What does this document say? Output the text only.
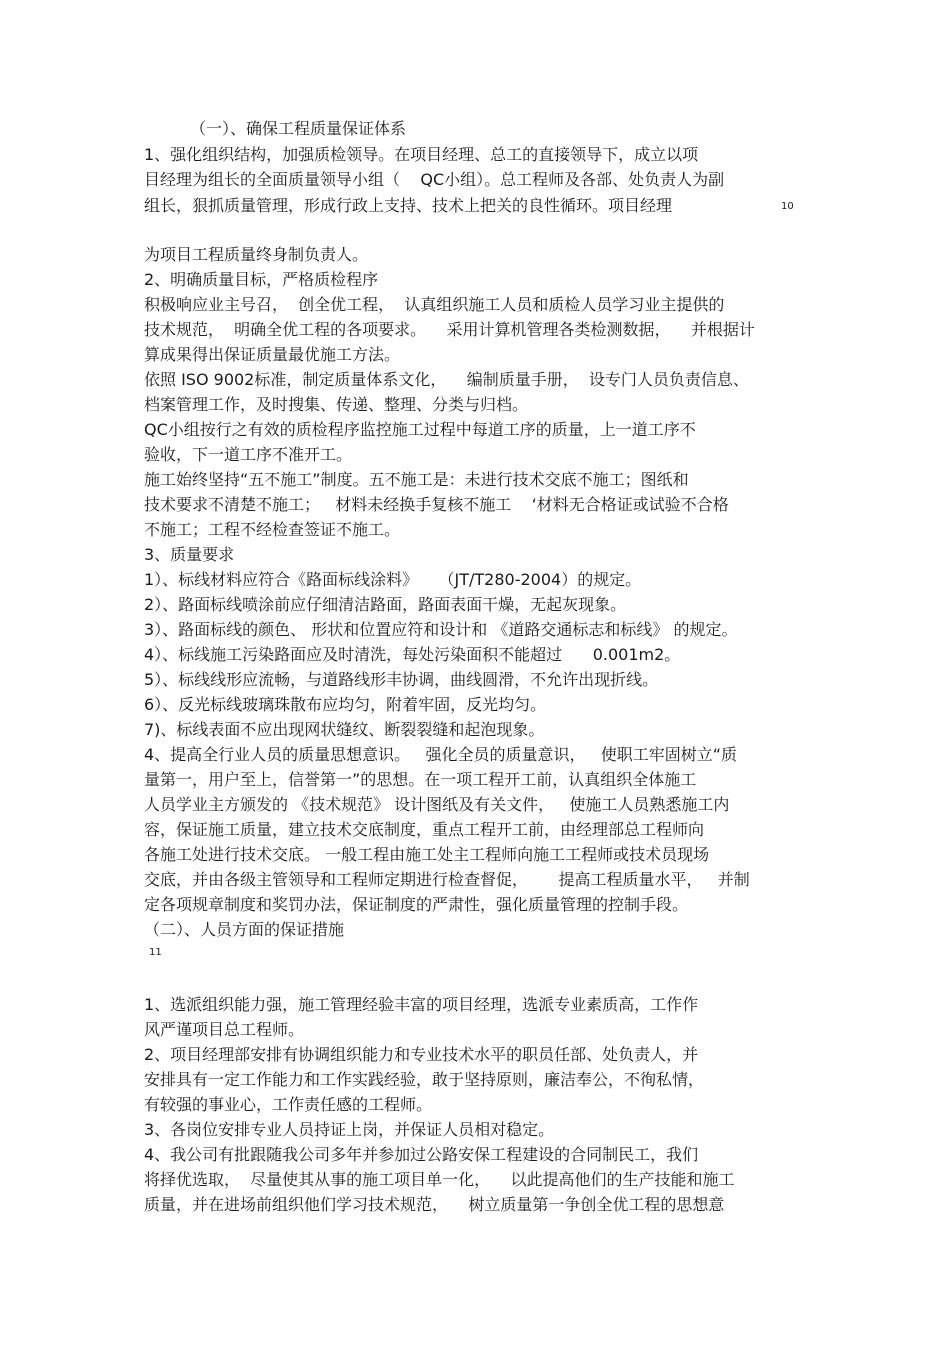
（一）、确保工程质量保证体系
1、强化组织结构，加强质检领导。在项目经理、总工的直接领导下，成立以项
目经理为组长的全面质量领导小组（    QC小组）。总工程师及各部、处负责人为副
组长，狠抓质量管理，形成行政上支持、技术上把关的良性循环。项目经理	10
为项目工程质量终身制负责人。
2、明确质量目标，严格质检程序
积极响应业主号召，  创全优工程，  认真组织施工人员和质检人员学习业主提供的
技术规范，  明确全优工程的各项要求。    采用计算机管理各类检测数据，    并根据计
算成果得出保证质量最优施工方法。
依照 ISO 9002标准，制定质量体系文化，    编制质量手册，  设专门人员负责信息、
档案管理工作，及时搜集、传递、整理、分类与归档。
QC小组按行之有效的质检程序监控施工过程中每道工序的质量，上一道工序不
验收，下一道工序不准开工。
施工始终坚持“五不施工”制度。五不施工是：未进行技术交底不施工；图纸和
技术要求不清楚不施工；   材料未经换手复核不施工    ‘材料无合格证或试验不合格
不施工；工程不经检查签证不施工。
3、质量要求
1）、标线材料应符合《路面标线涂料》    （JT/T280-2004）的规定。
2）、路面标线喷涂前应仔细清洁路面，路面表面干燥，无起灰现象。
3）、路面标线的颜色、 形状和位置应符和设计和 《道路交通标志和标线》 的规定。
4）、标线施工污染路面应及时清洗，每处污染面积不能超过      0.001m2。
5）、标线线形应流畅，与道路线形丰协调，曲线圆滑，不允许出现折线。
6）、反光标线玻璃珠散布应均匀，附着牢固，反光均匀。
7)、标线表面不应出现网状缝纹、断裂裂缝和起泡现象。
4、提高全行业人员的质量思想意识。   强化全员的质量意识，   使职工牢固树立“质
量第一，用户至上，信誉第一”的思想。在一项工程开工前，认真组织全体施工
人员学业主方颁发的 《技术规范》 设计图纸及有关文件，   使施工人员熟悉施工内
容，保证施工质量，建立技术交底制度，重点工程开工前，由经理部总工程师向
各施工处进行技术交底。 一般工程由施工处主工程师向施工工程师或技术员现场
交底，并由各级主管领导和工程师定期进行检查督促，      提高工程质量水平，   并制
定各项规章制度和奖罚办法，保证制度的严肃性，强化质量管理的控制手段。
（二）、人员方面的保证措施
11
1、选派组织能力强，施工管理经验丰富的项目经理，选派专业素质高，工作作
风严谨项目总工程师。
2、项目经理部安排有协调组织能力和专业技术水平的职员任部、处负责人，并
安排具有一定工作能力和工作实践经验，敢于坚持原则，廉洁奉公，不徇私情，
有较强的事业心，工作责任感的工程师。
3、各岗位安排专业人员持证上岗，并保证人员相对稳定。
4、我公司有批跟随我公司多年并参加过公路安保工程建设的合同制民工，我们
将择优选取，  尽量使其从事的施工项目单一化，    以此提高他们的生产技能和施工
质量，并在进场前组织他们学习技术规范，    树立质量第一争创全优工程的思想意
